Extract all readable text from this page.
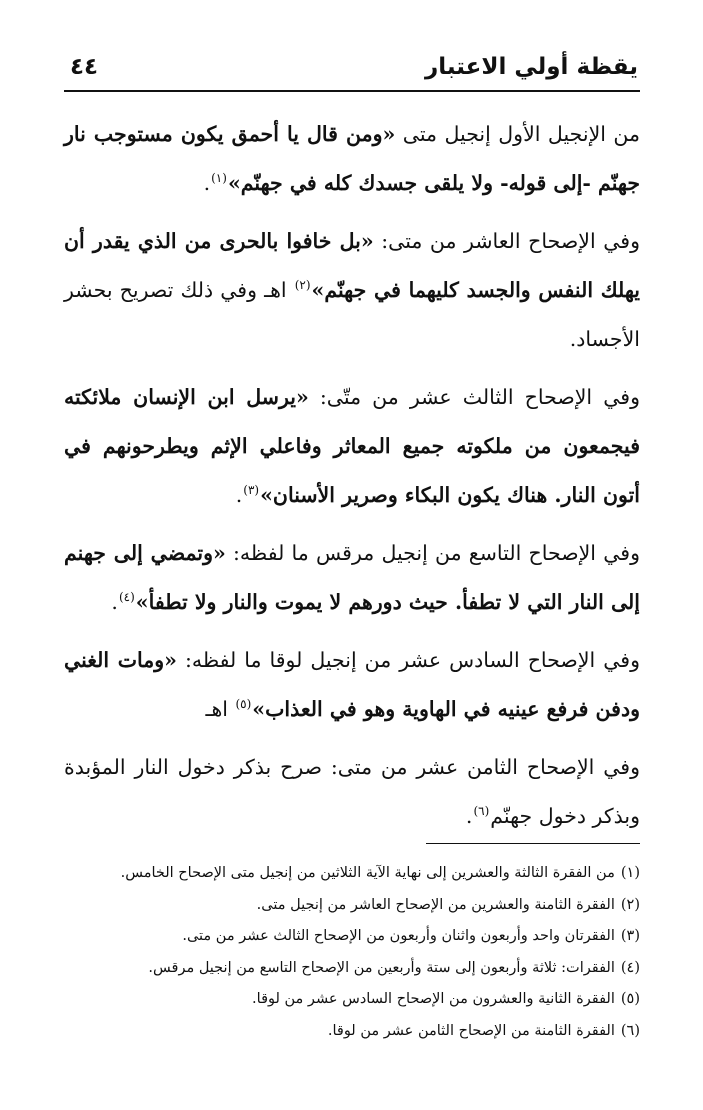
يقظة أولي الاعتبار
٤٤

من الإنجيل الأول إنجيل متى «ومن قال يا أحمق يكون مستوجب نار جهنّم -إلى قوله- ولا يلقى جسدك كله في جهنّم»$^{(١)}$.

وفي الإصحاح العاشر من متى: «بل خافوا بالحرى من الذي يقدر أن يهلك النفس والجسد كليهما في جهنّم»$^{(٢)}$ اهـ وفي ذلك تصريح بحشر الأجساد.

وفي الإصحاح الثالث عشر من متّى: «يرسل ابن الإنسان ملائكته فيجمعون من ملكوته جميع المعاثر وفاعلي الإثم ويطرحونهم في أتون النار. هناك يكون البكاء وصرير الأسنان»$^{(٣)}$.

وفي الإصحاح التاسع من إنجيل مرقس ما لفظه: «وتمضي إلى جهنم إلى النار التي لا تطفأ. حيث دورهم لا يموت والنار ولا تطفأ»$^{(٤)}$.

وفي الإصحاح السادس عشر من إنجيل لوقا ما لفظه: «ومات الغني ودفن فرفع عينيه في الهاوية وهو في العذاب»$^{(٥)}$ اهـ

وفي الإصحاح الثامن عشر من متى: صرح بذكر دخول النار المؤبدة وبذكر دخول جهنّم$^{(٦)}$.

(١)من الفقرة الثالثة والعشرين إلى نهاية الآية الثلاثين من إنجيل متى الإصحاح الخامس.
(٢)الفقرة الثامنة والعشرين من الإصحاح العاشر من إنجيل متى.
(٣)الفقرتان واحد وأربعون واثنان وأربعون من الإصحاح الثالث عشر من متى.
(٤)الفقرات: ثلاثة وأربعون إلى ستة وأربعين من الإصحاح التاسع من إنجيل مرقس.
(٥)الفقرة الثانية والعشرون من الإصحاح السادس عشر من لوقا.
(٦)الفقرة الثامنة من الإصحاح الثامن عشر من لوقا.
